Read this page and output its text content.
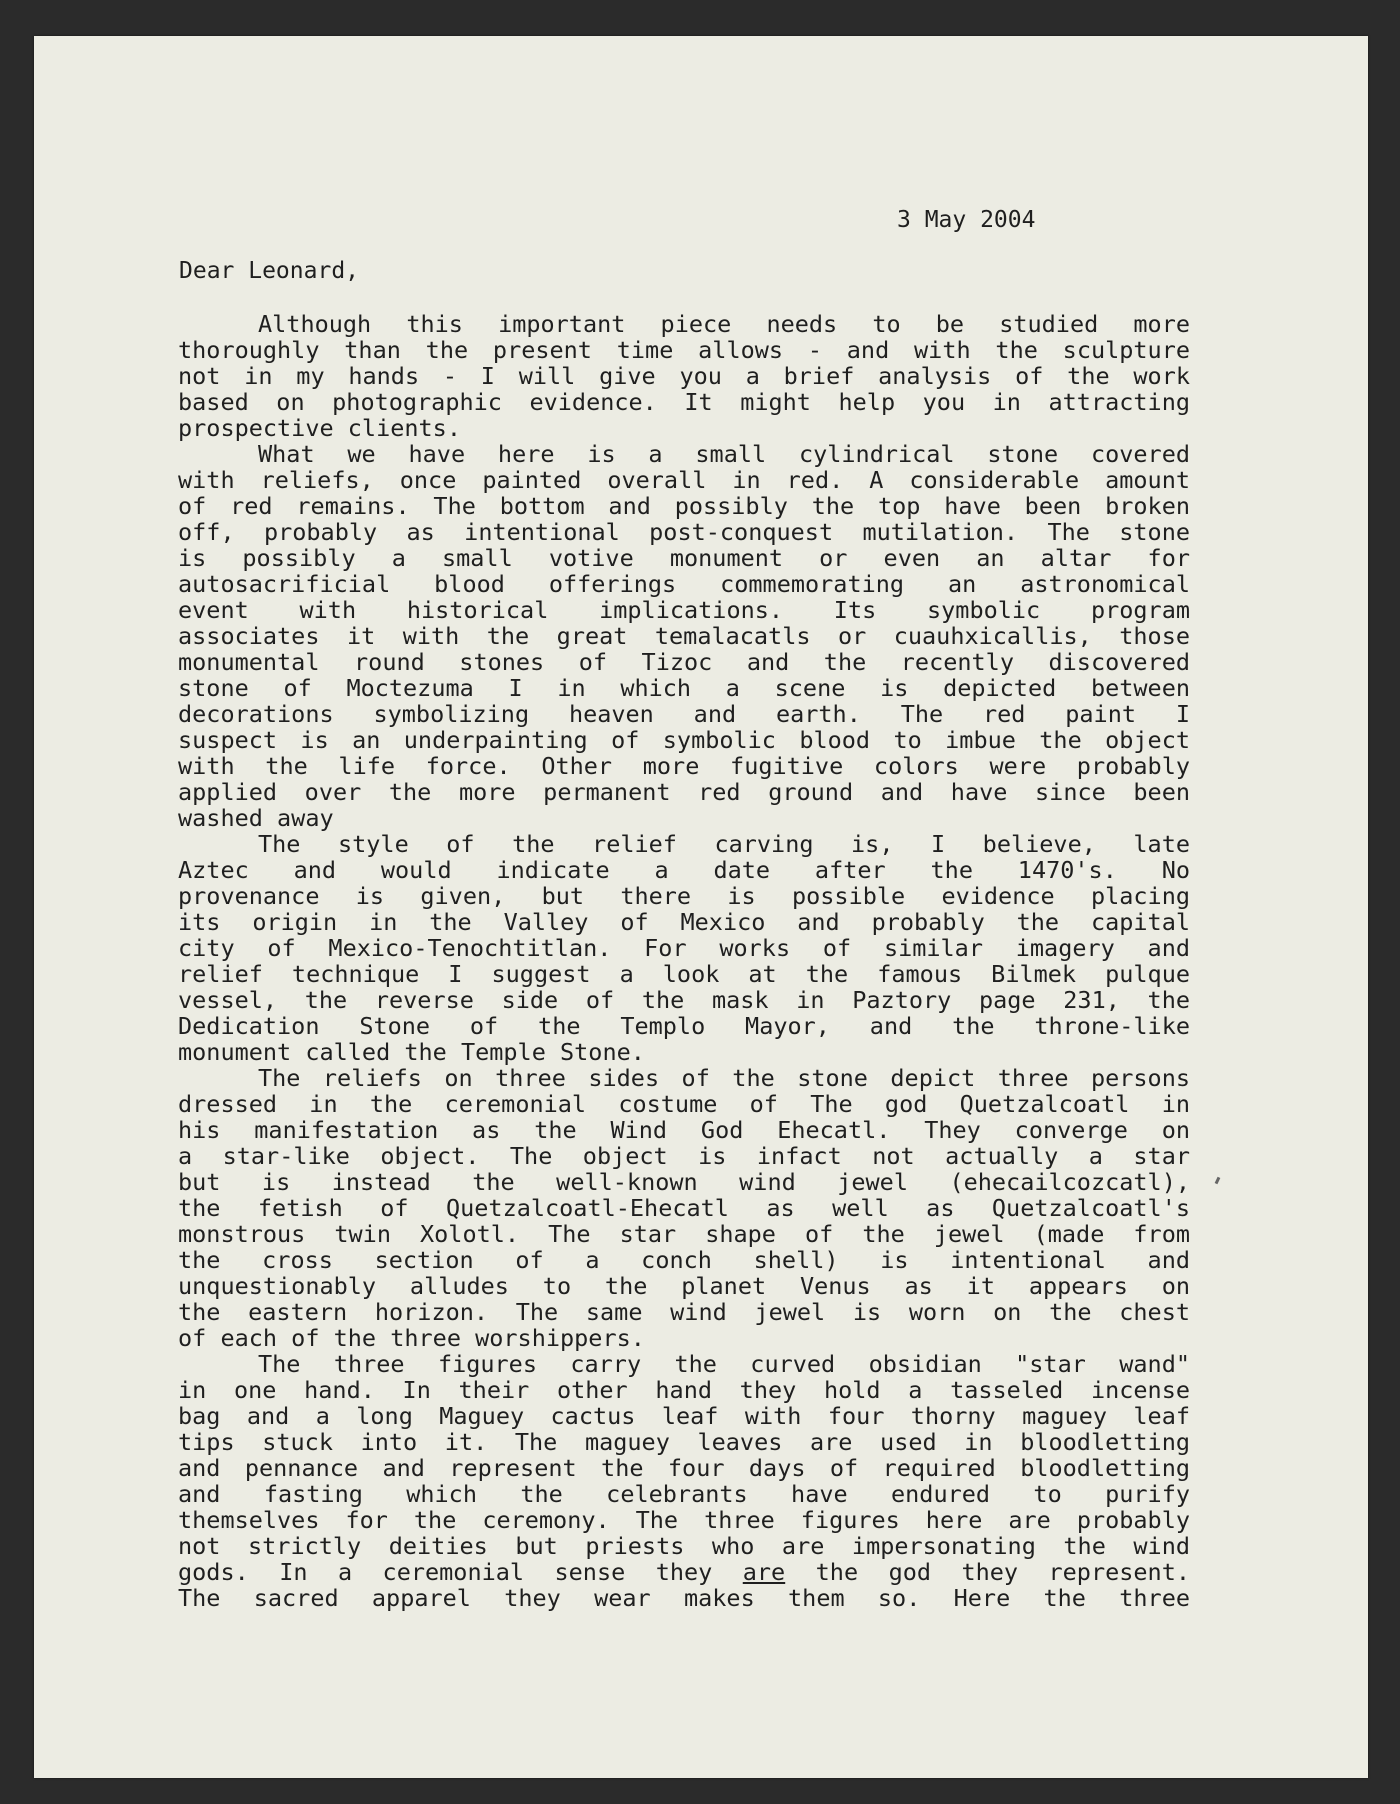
3 May 2004
Dear Leonard,
Although this important piece needs to be studied more
thoroughly than the present time allows - and with the sculpture
not in my hands - I will give you a brief analysis of the work
based on photographic evidence. It might help you in attracting
prospective clients.
What we have here is a small cylindrical stone covered
with reliefs, once painted overall in red. A considerable amount
of red remains. The bottom and possibly the top have been broken
off, probably as intentional post-conquest mutilation. The stone
is possibly a small votive monument or even an altar for
autosacrificial blood offerings commemorating an astronomical
event with historical implications. Its symbolic program
associates it with the great temalacatls or cuauhxicallis, those
monumental round stones of Tizoc and the recently discovered
stone of Moctezuma I in which a scene is depicted between
decorations symbolizing heaven and earth. The red paint I
suspect is an underpainting of symbolic blood to imbue the object
with the life force. Other more fugitive colors were probably
applied over the more permanent red ground and have since been
washed away
The style of the relief carving is, I believe, late
Aztec and would indicate a date after the 1470's. No
provenance is given, but there is possible evidence placing
its origin in the Valley of Mexico and probably the capital
city of Mexico-Tenochtitlan. For works of similar imagery and
relief technique I suggest a look at the famous Bilmek pulque
vessel, the reverse side of the mask in Paztory page 231, the
Dedication Stone of the Templo Mayor, and the throne-like
monument called the Temple Stone.
The reliefs on three sides of the stone depict three persons
dressed in the ceremonial costume of The god Quetzalcoatl in
his manifestation as the Wind God Ehecatl. They converge on
a star-like object. The object is infact not actually a star
but is instead the well-known wind jewel (ehecailcozcatl),
the fetish of Quetzalcoatl-Ehecatl as well as Quetzalcoatl's
monstrous twin Xolotl. The star shape of the jewel (made from
the cross section of a conch shell) is intentional and
unquestionably alludes to the planet Venus as it appears on
the eastern horizon. The same wind jewel is worn on the chest
of each of the three worshippers.
The three figures carry the curved obsidian "star wand"
in one hand. In their other hand they hold a tasseled incense
bag and a long Maguey cactus leaf with four thorny maguey leaf
tips stuck into it. The maguey leaves are used in bloodletting
and pennance and represent the four days of required bloodletting
and fasting which the celebrants have endured to purify
themselves for the ceremony. The three figures here are probably
not strictly deities but priests who are impersonating the wind
gods. In a ceremonial sense they are the god they represent.
The sacred apparel they wear makes them so. Here the three
